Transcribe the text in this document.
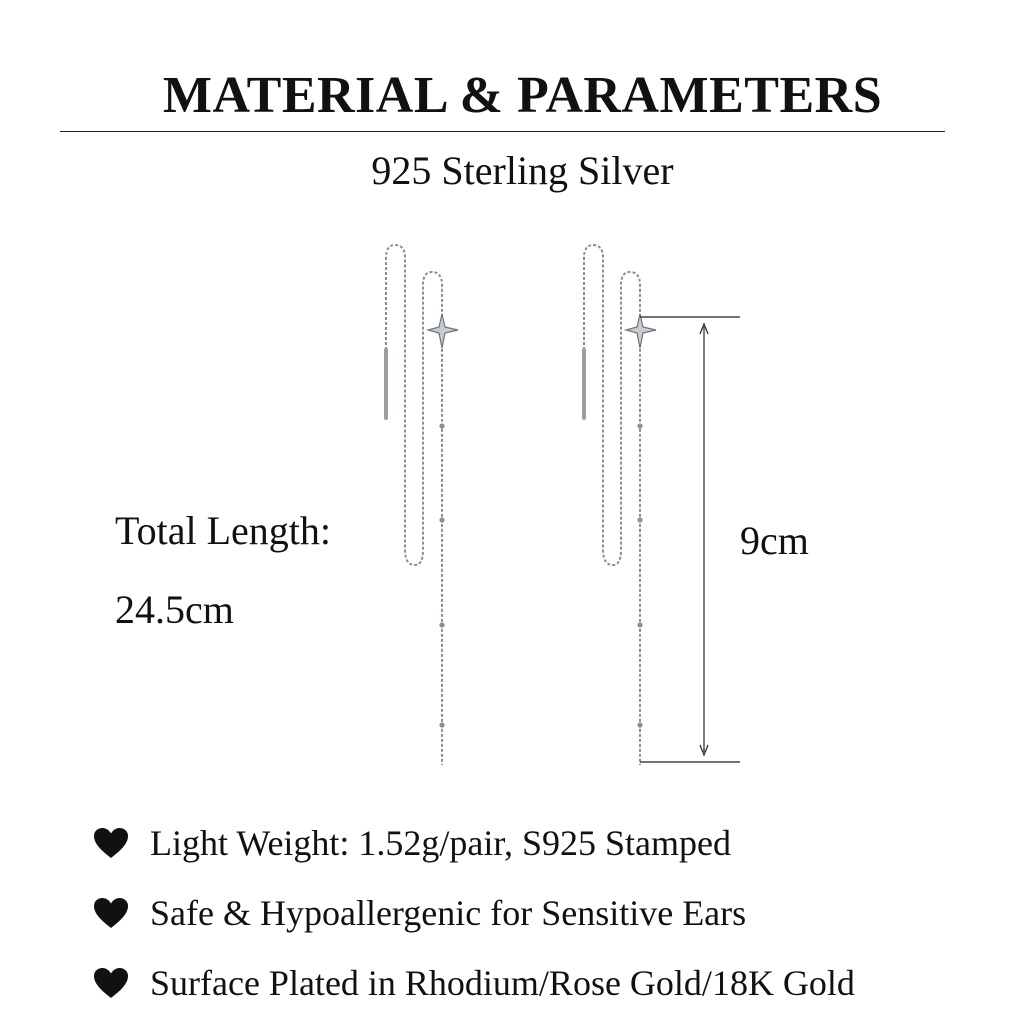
MATERIAL & PARAMETERS
925 Sterling Silver
Total Length:
24.5cm
9cm
Light Weight: 1.52g/pair, S925 Stamped
Safe & Hypoallergenic for Sensitive Ears
Surface Plated in Rhodium/Rose Gold/18K Gold
